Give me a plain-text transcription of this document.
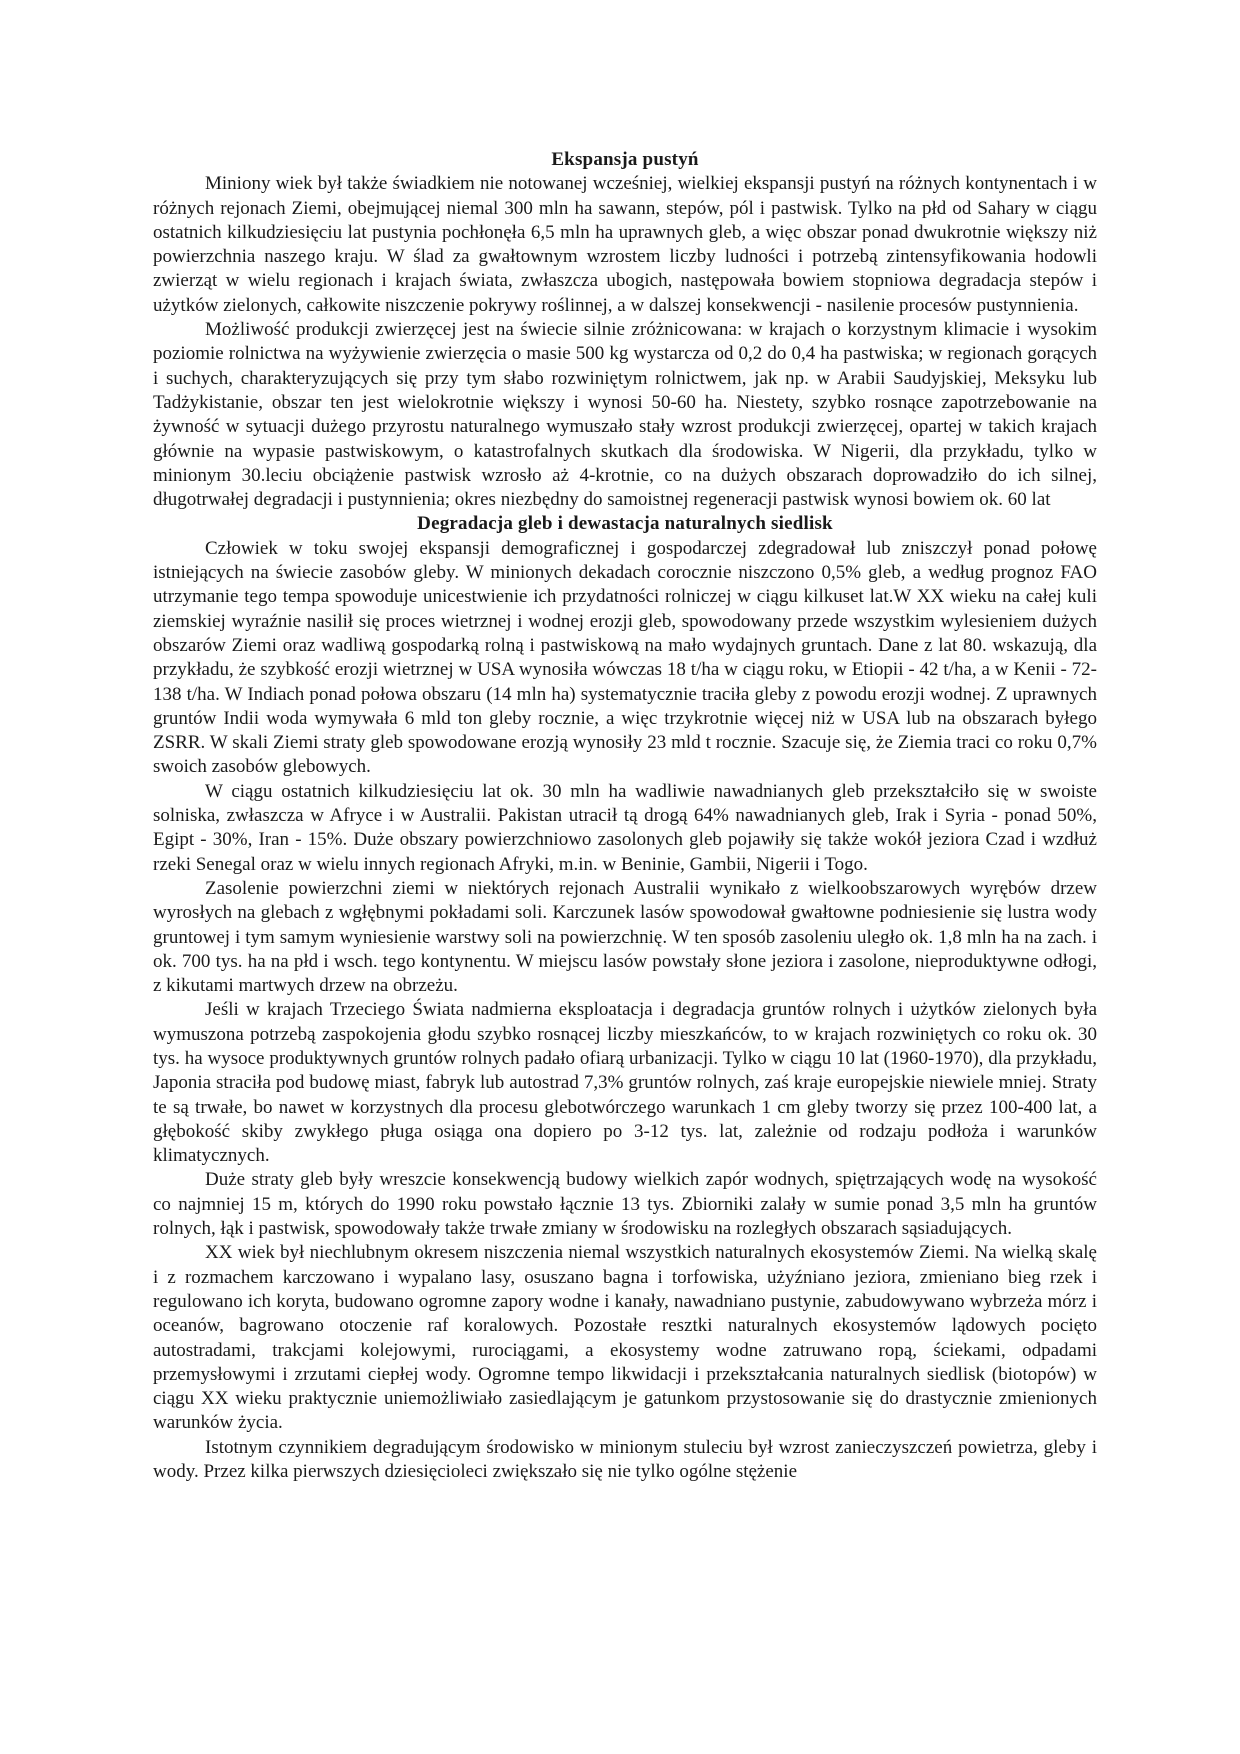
Ekspansja pustyń

Miniony wiek był także świadkiem nie notowanej wcześniej, wielkiej ekspansji pustyń na różnych kontynentach i w różnych rejonach Ziemi, obejmującej niemal 300 mln ha sawann, stepów, pól i pastwisk. Tylko na płd od Sahary w ciągu ostatnich kilkudziesięciu lat pustynia pochłonęła 6,5 mln ha uprawnych gleb, a więc obszar ponad dwukrotnie większy niż powierzchnia naszego kraju. W ślad za gwałtownym wzrostem liczby ludności i potrzebą zintensyfikowania hodowli zwierząt w wielu regionach i krajach świata, zwłaszcza ubogich, następowała bowiem stopniowa degradacja stepów i użytków zielonych, całkowite niszczenie pokrywy roślinnej, a w dalszej konsekwencji - nasilenie procesów pustynnienia.

Możliwość produkcji zwierzęcej jest na świecie silnie zróżnicowana: w krajach o korzystnym klimacie i wysokim poziomie rolnictwa na wyżywienie zwierzęcia o masie 500 kg wystarcza od 0,2 do 0,4 ha pastwiska; w regionach gorących i suchych, charakteryzujących się przy tym słabo rozwiniętym rolnictwem, jak np. w Arabii Saudyjskiej, Meksyku lub Tadżykistanie, obszar ten jest wielokrotnie większy i wynosi 50-60 ha. Niestety, szybko rosnące zapotrzebowanie na żywność w sytuacji dużego przyrostu naturalnego wymuszało stały wzrost produkcji zwierzęcej, opartej w takich krajach głównie na wypasie pastwiskowym, o katastrofalnych skutkach dla środowiska. W Nigerii, dla przykładu, tylko w minionym 30.leciu obciążenie pastwisk wzrosło aż 4-krotnie, co na dużych obszarach doprowadziło do ich silnej, długotrwałej degradacji i pustynnienia; okres niezbędny do samoistnej regeneracji pastwisk wynosi bowiem ok. 60 lat

Degradacja gleb i dewastacja naturalnych siedlisk

Człowiek w toku swojej ekspansji demograficznej i gospodarczej zdegradował lub zniszczył ponad połowę istniejących na świecie zasobów gleby. W minionych dekadach corocznie niszczono 0,5% gleb, a według prognoz FAO utrzymanie tego tempa spowoduje unicestwienie ich przydatności rolniczej w ciągu kilkuset lat.W XX wieku na całej kuli ziemskiej wyraźnie nasilił się proces wietrznej i wodnej erozji gleb, spowodowany przede wszystkim wylesieniem dużych obszarów Ziemi oraz wadliwą gospodarką rolną i pastwiskową na mało wydajnych gruntach. Dane z lat 80. wskazują, dla przykładu, że szybkość erozji wietrznej w USA wynosiła wówczas 18 t/ha w ciągu roku, w Etiopii - 42 t/ha, a w Kenii - 72-138 t/ha. W Indiach ponad połowa obszaru (14 mln ha) systematycznie traciła gleby z powodu erozji wodnej. Z uprawnych gruntów Indii woda wymywała 6 mld ton gleby rocznie, a więc trzykrotnie więcej niż w USA lub na obszarach byłego ZSRR. W skali Ziemi straty gleb spowodowane erozją wynosiły 23 mld t rocznie. Szacuje się, że Ziemia traci co roku 0,7% swoich zasobów glebowych.

W ciągu ostatnich kilkudziesięciu lat ok. 30 mln ha wadliwie nawadnianych gleb przekształciło się w swoiste solniska, zwłaszcza w Afryce i w Australii. Pakistan utracił tą drogą 64% nawadnianych gleb, Irak i Syria - ponad 50%, Egipt - 30%, Iran - 15%. Duże obszary powierzchniowo zasolonych gleb pojawiły się także wokół jeziora Czad i wzdłuż rzeki Senegal oraz w wielu innych regionach Afryki, m.in. w Beninie, Gambii, Nigerii i Togo.

Zasolenie powierzchni ziemi w niektórych rejonach Australii wynikało z wielkoobszarowych wyrębów drzew wyrosłych na glebach z wgłębnymi pokładami soli. Karczunek lasów spowodował gwałtowne podniesienie się lustra wody gruntowej i tym samym wyniesienie warstwy soli na powierzchnię. W ten sposób zasoleniu uległo ok. 1,8 mln ha na zach. i ok. 700 tys. ha na płd i wsch. tego kontynentu. W miejscu lasów powstały słone jeziora i zasolone, nieproduktywne odłogi, z kikutami martwych drzew na obrzeżu.

Jeśli w krajach Trzeciego Świata nadmierna eksploatacja i degradacja gruntów rolnych i użytków zielonych była wymuszona potrzebą zaspokojenia głodu szybko rosnącej liczby mieszkańców, to w krajach rozwiniętych co roku ok. 30 tys. ha wysoce produktywnych gruntów rolnych padało ofiarą urbanizacji. Tylko w ciągu 10 lat (1960-1970), dla przykładu, Japonia straciła pod budowę miast, fabryk lub autostrad 7,3% gruntów rolnych, zaś kraje europejskie niewiele mniej. Straty te są trwałe, bo nawet w korzystnych dla procesu glebotwórczego warunkach 1 cm gleby tworzy się przez 100-400 lat, a głębokość skiby zwykłego pługa osiąga ona dopiero po 3-12 tys. lat, zależnie od rodzaju podłoża i warunków klimatycznych.

Duże straty gleb były wreszcie konsekwencją budowy wielkich zapór wodnych, spiętrzających wodę na wysokość co najmniej 15 m, których do 1990 roku powstało łącznie 13 tys. Zbiorniki zalały w sumie ponad 3,5 mln ha gruntów rolnych, łąk i pastwisk, spowodowały także trwałe zmiany w środowisku na rozległych obszarach sąsiadujących.

XX wiek był niechlubnym okresem niszczenia niemal wszystkich naturalnych ekosystemów Ziemi. Na wielką skalę i z rozmachem karczowano i wypalano lasy, osuszano bagna i torfowiska, użyźniano jeziora, zmieniano bieg rzek i regulowano ich koryta, budowano ogromne zapory wodne i kanały, nawadniano pustynie, zabudowywano wybrzeża mórz i oceanów, bagrowano otoczenie raf koralowych. Pozostałe resztki naturalnych ekosystemów lądowych pocięto autostradami, trakcjami kolejowymi, rurociągami, a ekosystemy wodne zatruwano ropą, ściekami, odpadami przemysłowymi i zrzutami ciepłej wody. Ogromne tempo likwidacji i przekształcania naturalnych siedlisk (biotopów) w ciągu XX wieku praktycznie uniemożliwiało zasiedlającym je gatunkom przystosowanie się do drastycznie zmienionych warunków życia.

Istotnym czynnikiem degradującym środowisko w minionym stuleciu był wzrost zanieczyszczeń powietrza, gleby i wody. Przez kilka pierwszych dziesięcioleci zwiększało się nie tylko ogólne stężenie
